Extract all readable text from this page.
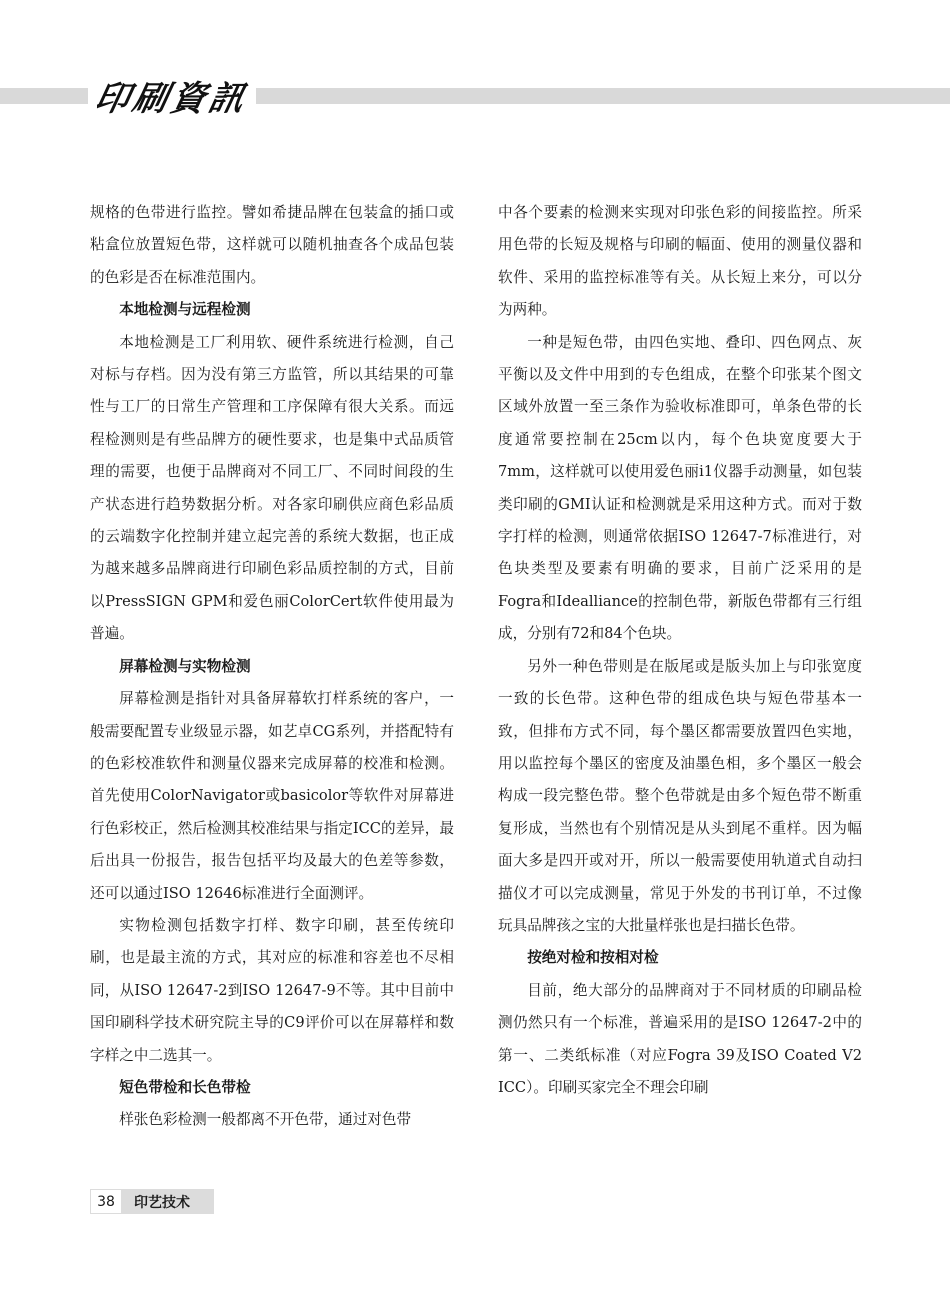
印刷資訊

规格的色带进行监控。譬如希捷品牌在包装盒的插口或粘盒位放置短色带，这样就可以随机抽查各个成品包装的色彩是否在标准范围内。

本地检测与远程检测

本地检测是工厂利用软、硬件系统进行检测，自己对标与存档。因为没有第三方监管，所以其结果的可靠性与工厂的日常生产管理和工序保障有很大关系。而远程检测则是有些品牌方的硬性要求，也是集中式品质管理的需要，也便于品牌商对不同工厂、不同时间段的生产状态进行趋势数据分析。对各家印刷供应商色彩品质的云端数字化控制并建立起完善的系统大数据，也正成为越来越多品牌商进行印刷色彩品质控制的方式，目前以PressSIGN GPM和爱色丽ColorCert软件使用最为普遍。

屏幕检测与实物检测

屏幕检测是指针对具备屏幕软打样系统的客户，一般需要配置专业级显示器，如艺卓CG系列，并搭配特有的色彩校准软件和测量仪器来完成屏幕的校准和检测。首先使用ColorNavigator或basicolor等软件对屏幕进行色彩校正，然后检测其校准结果与指定ICC的差异，最后出具一份报告，报告包括平均及最大的色差等参数，还可以通过ISO 12646标准进行全面测评。

实物检测包括数字打样、数字印刷，甚至传统印刷，也是最主流的方式，其对应的标准和容差也不尽相同，从ISO 12647-2到ISO 12647-9不等。其中目前中国印刷科学技术研究院主导的C9评价可以在屏幕样和数字样之中二选其一。

短色带检和长色带检

样张色彩检测一般都离不开色带，通过对色带

中各个要素的检测来实现对印张色彩的间接监控。所采用色带的长短及规格与印刷的幅面、使用的测量仪器和软件、采用的监控标准等有关。从长短上来分，可以分为两种。

一种是短色带，由四色实地、叠印、四色网点、灰平衡以及文件中用到的专色组成，在整个印张某个图文区域外放置一至三条作为验收标准即可，单条色带的长度通常要控制在25cm以内，每个色块宽度要大于7mm，这样就可以使用爱色丽i1仪器手动测量，如包装类印刷的GMI认证和检测就是采用这种方式。而对于数字打样的检测，则通常依据ISO 12647-7标准进行，对色块类型及要素有明确的要求，目前广泛采用的是Fogra和Idealliance的控制色带，新版色带都有三行组成，分别有72和84个色块。

另外一种色带则是在版尾或是版头加上与印张宽度一致的长色带。这种色带的组成色块与短色带基本一致，但排布方式不同，每个墨区都需要放置四色实地，用以监控每个墨区的密度及油墨色相，多个墨区一般会构成一段完整色带。整个色带就是由多个短色带不断重复形成，当然也有个别情况是从头到尾不重样。因为幅面大多是四开或对开，所以一般需要使用轨道式自动扫描仪才可以完成测量，常见于外发的书刊订单，不过像玩具品牌孩之宝的大批量样张也是扫描长色带。

按绝对检和按相对检

目前，绝大部分的品牌商对于不同材质的印刷品检测仍然只有一个标准，普遍采用的是ISO 12647-2中的第一、二类纸标准（对应Fogra 39及ISO Coated V2 ICC）。印刷买家完全不理会印刷

38	印艺技术
